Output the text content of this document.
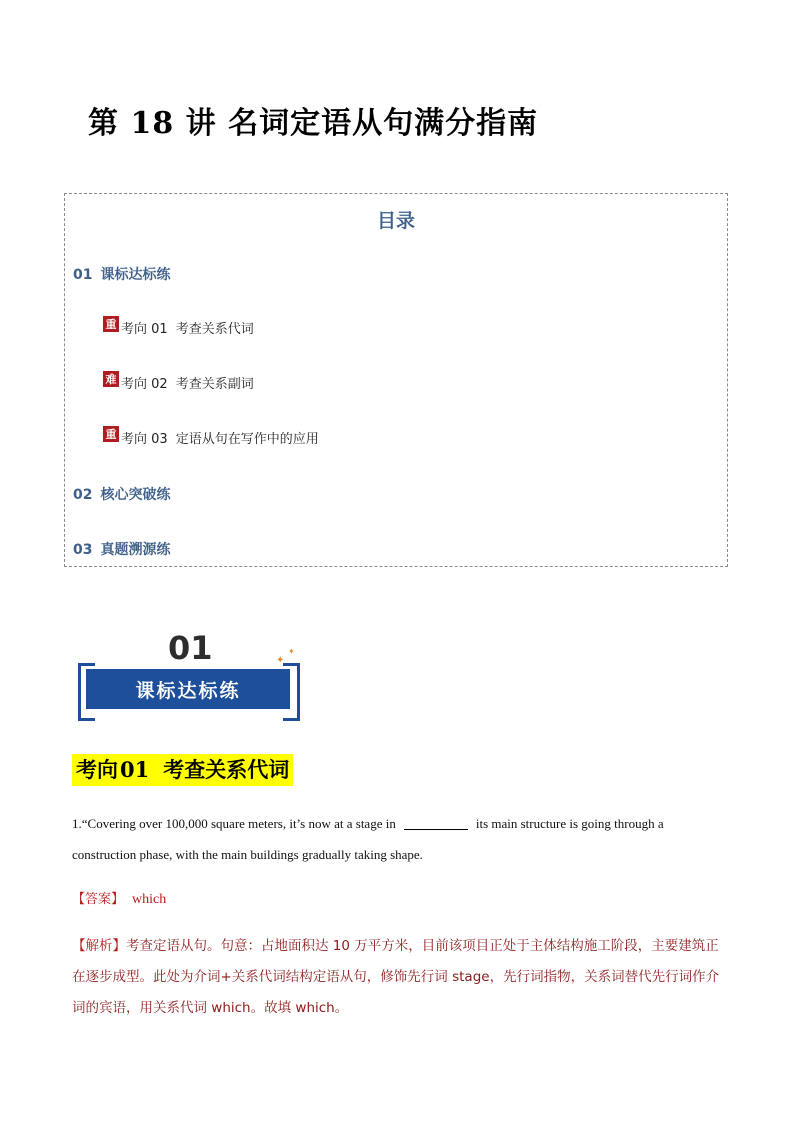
第 18 讲 名词定语从句满分指南
目录
01 课标达标练
重 考向 01 考查关系代词
难 考向 02 考查关系副词
重 考向 03 定语从句在写作中的应用
02 核心突破练
03 真题溯源练
01
课标达标练
✦
✦
考向01 考查关系代词
1.“Covering over 100,000 square meters, it’s now at a stage in	its main structure is going through a construction phase, with the main buildings gradually taking shape.
【答案】 which
【解析】考查定语从句。句意：占地面积达 10 万平方米，目前该项目正处于主体结构施工阶段，主要建筑正在逐步成型。此处为介词+关系代词结构定语从句，修饰先行词 stage，先行词指物，关系词替代先行词作介词的宾语，用关系代词 which。故填 which。
